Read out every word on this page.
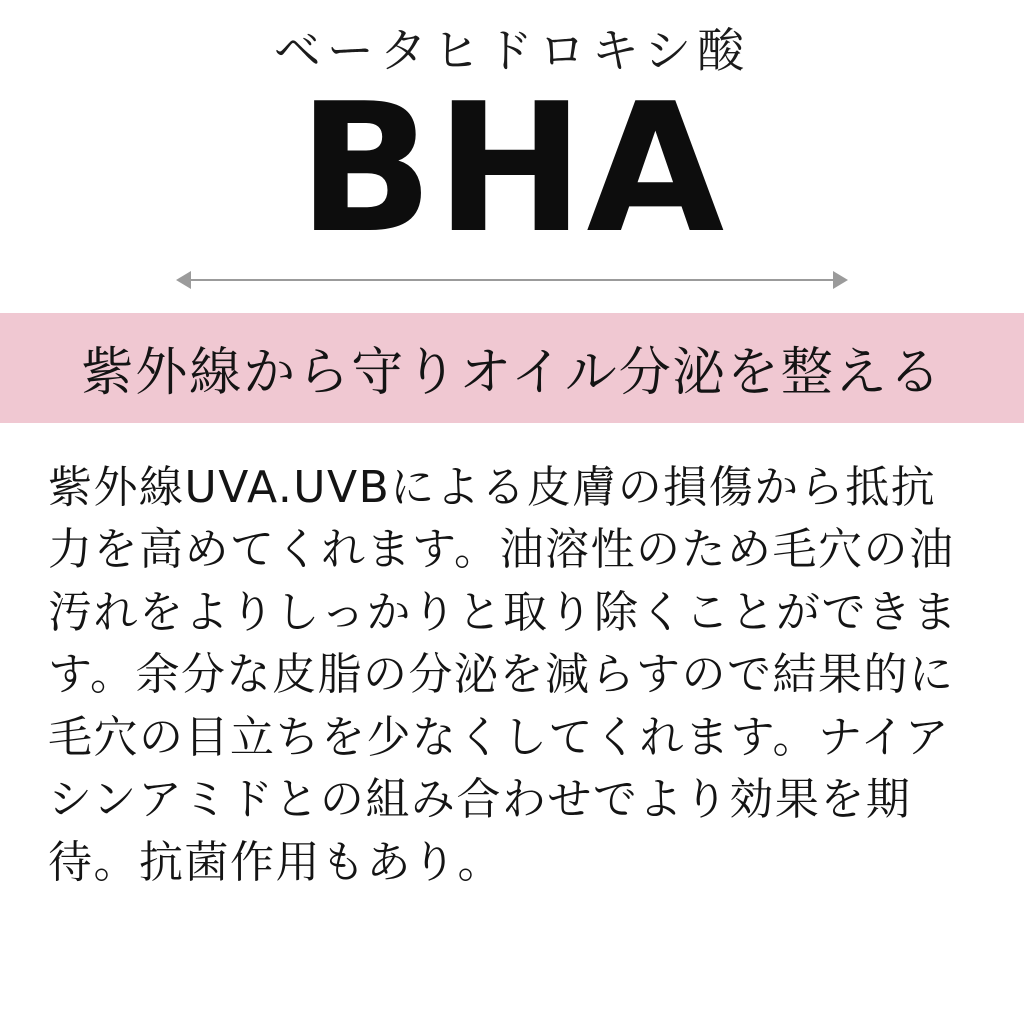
ベータヒドロキシ酸
BHA
紫外線から守りオイル分泌を整える
紫外線UVA.UVBによる皮膚の損傷から抵抗力を高めてくれます。油溶性のため毛穴の油汚れをよりしっかりと取り除くことができます。余分な皮脂の分泌を減らすので結果的に毛穴の目立ちを少なくしてくれます。ナイアシンアミドとの組み合わせでより効果を期待。抗菌作用もあり。
